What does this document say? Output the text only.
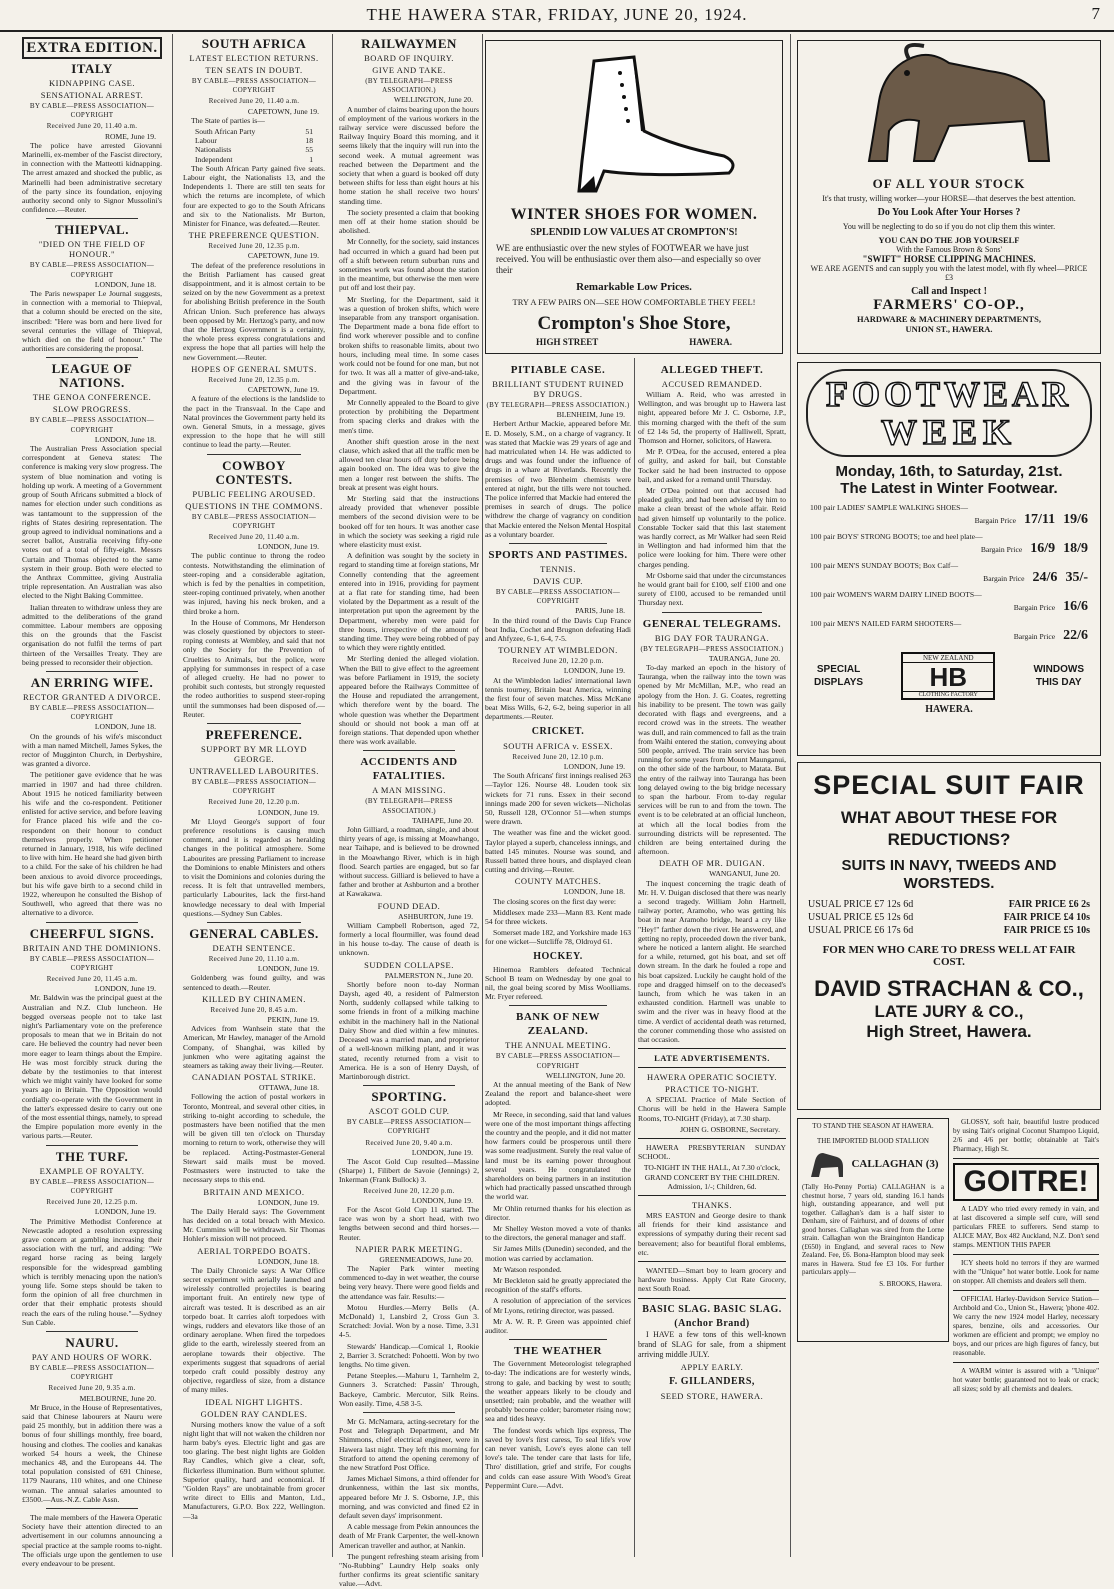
THE HAWERA STAR, FRIDAY, JUNE 20, 1924.	7
EXTRA EDITION.
ITALY
KIDNAPPING CASE.
SENSATIONAL ARREST.
BY CABLE—PRESS ASSOCIATION—COPYRIGHT
Received June 20, 11.40 a.m.
ROME, June 19.

The police have arrested Giovanni Marinelli, ex-member of the Fascist directory, in connection with the Matteotti kidnapping. The arrest amazed and shocked the public, as Marinelli had been administrative secretary of the party since its foundation, enjoying authority second only to Signor Mussolini's confidence.—Reuter.

THIEPVAL.
"DIED ON THE FIELD OF HONOUR."
BY CABLE—PRESS ASSOCIATION—COPYRIGHT
LONDON, June 18.

The Paris newspaper Le Journal suggests, in connection with a memorial to Thiepval, that a column should be erected on the site, inscribed: "Here was born and here lived for several centuries the village of Thiepval, which died on the field of honour." The authorities are considering the proposal.

LEAGUE OF NATIONS.
THE GENOA CONFERENCE.
SLOW PROGRESS.
BY CABLE—PRESS ASSOCIATION—COPYRIGHT
LONDON, June 18.

The Australian Press Association special correspondent at Geneva states: The conference is making very slow progress. The system of blue nomination and voting is holding up work. A meeting of a Government group of South Africans submitted a block of names for election under such conditions as was tantamount to the suppression of the rights of States desiring representation. The group agreed to individual nominations and a secret ballot, Australia receiving fifty-one votes out of a total of fifty-eight. Messrs Curtain and Thomas objected to the same system in their group. Both were elected to the Anthrax Committee, giving Australia triple representation. An Australian was also elected to the Night Baking Committee.

Italian threaten to withdraw unless they are admitted to the deliberations of the grand committee. Labour members are opposing this on the grounds that the Fascist organisation do not fulfil the terms of part thirteen of the Versailles Treaty. They are being pressed to reconsider their objection.

AN ERRING WIFE.
RECTOR GRANTED A DIVORCE.
BY CABLE—PRESS ASSOCIATION—COPYRIGHT
LONDON, June 18.

On the grounds of his wife's misconduct with a man named Mitchell, James Sykes, the rector of Mugginton Church, in Derbyshire, was granted a divorce.

The petitioner gave evidence that he was married in 1907 and had three children. About 1915 he noticed familiarity between his wife and the co-respondent. Petitioner enlisted for active service, and before leaving for France placed his wife and the co-respondent on their honour to conduct themselves properly. When petitioner returned in January, 1918, his wife declined to live with him. He heard she had given birth to a child. For the sake of his children he had been anxious to avoid divorce proceedings, but his wife gave birth to a second child in 1922, whereupon he consulted the Bishop of Southwell, who agreed that there was no alternative to a divorce.

CHEERFUL SIGNS.
BRITAIN AND THE DOMINIONS.
BY CABLE—PRESS ASSOCIATION—COPYRIGHT
Received June 20, 11.45 a.m.
LONDON, June 19.

Mr. Baldwin was the principal guest at the Australian and N.Z. Club luncheon. He begged overseas people not to take last night's Parliamentary vote on the preference proposals to mean that we in Britain do not care. He believed the country had never been more eager to learn things about the Empire. He was most forcibly struck during the debate by the testimonies to that interest which we might vainly have looked for some years ago in Britain. The Opposition would cordially co-operate with the Government in the latter's expressed desire to carry out one of the most essential things, namely, to spread the Empire population more evenly in the various parts.—Reuter.

THE TURF.
EXAMPLE OF ROYALTY.
BY CABLE—PRESS ASSOCIATION—COPYRIGHT
Received June 20, 12.25 p.m.
LONDON, June 19.

The Primitive Methodist Conference at Newcastle adopted a resolution expressing grave concern at gambling increasing their association with the turf, and adding: "We regard horse racing as being largely responsible for the widespread gambling which is terribly menacing upon the nation's young life. Some steps should be taken to form the opinion of all free churchmen in order that their emphatic protests should reach the ears of the ruling house."—Sydney Sun Cable.

NAURU.
PAY AND HOURS OF WORK.
BY CABLE—PRESS ASSOCIATION—COPYRIGHT
Received June 20, 9.35 a.m.
MELBOURNE, June 20.

Mr Bruce, in the House of Representatives, said that Chinese labourers at Nauru were paid 25 monthly, but in addition there was a bonus of four shillings monthly, free board, housing and clothes. The coolies and kanakas worked 54 hours a week, the Chinese mechanics 48, and the Europeans 44. The total population consisted of 691 Chinese, 1179 Naurans, 110 whites, and one Chinese woman. The annual salaries amounted to £3500.—Aus.-N.Z. Cable Assn.

The male members of the Hawera Operatic Society have their attention directed to an advertisement in our columns announcing a special practice at the sample rooms to-night. The officials urge upon the gentlemen to use every endeavour to be present.

SOUTH AFRICA
LATEST ELECTION RETURNS.
TEN SEATS IN DOUBT.
BY CABLE—PRESS ASSOCIATION—COPYRIGHT
Received June 20, 11.40 a.m.
CAPETOWN, June 19.

The State of parties is—

South African Party	51
Labour	18
Nationalists	55
Independent	1

The South African Party gained five seats. Labour eight, the Nationalists 13, and the Independents 1. There are still ten seats for which the returns are incomplete, of which four are expected to go to the South Africans and six to the Nationalists. Mr Burton, Minister for Finance, was defeated.—Reuter.

THE PREFERENCE QUESTION.
Received June 20, 12.35 p.m.
CAPETOWN, June 19.

The defeat of the preference resolutions in the British Parliament has caused great disappointment, and it is almost certain to be seized on by the new Government as a pretext for abolishing British preference in the South African Union. Such preference has always been opposed by Mr. Hertzog's party, and now that the Hertzog Government is a certainty, the whole press express congratulations and express the hope that all parties will help the new Government.—Reuter.

HOPES OF GENERAL SMUTS.
Received June 20, 12.35 p.m.
CAPETOWN, June 19.

A feature of the elections is the landslide to the pact in the Transvaal. In the Cape and Natal provinces the Government party held its own. General Smuts, in a message, gives expression to the hope that he will still continue to lead the party.—Reuter.

COWBOY CONTESTS.
PUBLIC FEELING AROUSED.
QUESTIONS IN THE COMMONS.
BY CABLE—PRESS ASSOCIATION—COPYRIGHT
Received June 20, 11.40 a.m.
LONDON, June 19.

The public continue to throng the rodeo contests. Notwithstanding the elimination of steer-roping and a considerable agitation, which is fed by the penalties in competition, steer-roping continued privately, when another was injured, having his neck broken, and a third broke a horn.

In the House of Commons, Mr Henderson was closely questioned by objectors to steer-roping contests at Wembley, and said that not only the Society for the Prevention of Cruelties to Animals, but the police, were applying for summonses in respect of a case of alleged cruelty. He had no power to prohibit such contests, but strongly requested the rodeo authorities to suspend steer-roping until the summonses had been disposed of.—Reuter.

PREFERENCE.
SUPPORT BY MR LLOYD GEORGE.
UNTRAVELLED LABOURITES.
BY CABLE—PRESS ASSOCIATION—COPYRIGHT
Received June 20, 12.20 p.m.
LONDON, June 19.

Mr Lloyd George's support of four preference resolutions is causing much comment, and it is regarded as heralding changes in the political atmosphere. Some Labourites are pressing Parliament to increase the Dominions to enable Ministers and others to visit the Dominions and colonies during the recess. It is felt that untravelled members, particularly Labourites, lack the first-hand knowledge necessary to deal with Imperial questions.—Sydney Sun Cables.

GENERAL CABLES.
DEATH SENTENCE.
Received June 20, 11.10 a.m.
LONDON, June 19.

Goldenberg was found guilty, and was sentenced to death.—Reuter.

KILLED BY CHINAMEN.
Received June 20, 8.45 a.m.
PEKIN, June 19.

Advices from Wanhsein state that the American, Mr Hawley, manager of the Arnold Company, of Shanghai, was killed by junkmen who were agitating against the steamers as taking away their living.—Reuter.

CANADIAN POSTAL STRIKE.
OTTAWA, June 18.

Following the action of postal workers in Toronto, Montreal, and several other cities, in striking to-night according to schedule, the postmasters have been notified that the men will be given till ten o'clock on Thursday morning to return to work, otherwise they will be replaced. Acting-Postmaster-General Stewart said mails must be moved. Postmasters were instructed to take the necessary steps to this end.

BRITAIN AND MEXICO.
LONDON, June 19.

The Daily Herald says: The Government has decided on a total breach with Mexico. Mr. Cummins will be withdrawn. Sir Thomas Hohler's mission will not proceed.

AERIAL TORPEDO BOATS.
LONDON, June 18.

The Daily Chronicle says: A War Office secret experiment with aerially launched and wirelessly controlled projectiles is bearing important fruit. An entirely new type of aircraft was tested. It is described as an air torpedo boat. It carries aloft torpedoes with wings, rudders and elevators like those of an ordinary aeroplane. When fired the torpedoes glide to the earth, wirelessly steered from an aeroplane towards their objective. The experiments suggest that squadrons of aerial torpedo craft could possibly destroy any objective, regardless of size, from a distance of many miles.

IDEAL NIGHT LIGHTS.
GOLDEN RAY CANDLES.

Nursing mothers know the value of a soft night light that will not waken the children nor harm baby's eyes. Electric light and gas are too glaring. The best night lights are Golden Ray Candles, which give a clear, soft, flickerless illumination. Burn without splutter. Superior quality, hard and economical. If "Golden Rays" are unobtainable from grocer write direct to Ellis and Manton, Ltd., Manufacturers, G.P.O. Box 222, Wellington. —3a

RAILWAYMEN
BOARD OF INQUIRY.
GIVE AND TAKE.
(BY TELEGRAPH—PRESS ASSOCIATION.)
WELLINGTON, June 20.

A number of claims bearing upon the hours of employment of the various workers in the railway service were discussed before the Railway Inquiry Board this morning, and it seems likely that the inquiry will run into the second week. A mutual agreement was reached between the Department and the society that when a guard is booked off duty between shifts for less than eight hours at his home station he shall receive two hours' standing time.

The society presented a claim that booking men off at their home station should be abolished.

Mr Connelly, for the society, said instances had occurred in which a guard had been put off a shift between return suburban runs and sometimes work was found about the station in the meantime, but otherwise the men were put off and lost their pay.

Mr Sterling, for the Department, said it was a question of broken shifts, which were inseparable from any transport organisation. The Department made a bona fide effort to find work wherever possible and to confine broken shifts to reasonable limits, about two hours, including meal time. In some cases work could not be found for one man, but not for two. It was all a matter of give-and-take, and the giving was in favour of the Department.

Mr Connelly appealed to the Board to give protection by prohibiting the Department from spacing clerks and drakes with the men's time.

Another shift question arose in the next clause, which asked that all the traffic men be allowed ten clear hours off duty before being again booked on. The idea was to give the men a longer rest between the shifts. The break at present was eight hours.

Mr Sterling said that the instructions already provided that whenever possible members of the second division were to be booked off for ten hours. It was another case in which the society was seeking a rigid rule where elasticity must exist.

A definition was sought by the society in regard to standing time at foreign stations, Mr Connelly contending that the agreement entered into in 1916, providing for payment at a flat rate for standing time, had been violated by the Department as a result of the interpretation put upon the agreement by the Department, whereby men were paid for three hours, irrespective of the amount of standing time. They were being robbed of pay to which they were rightly entitled.

Mr Sterling denied the alleged violation. When the Bill to give effect to the agreement was before Parliament in 1919, the society appeared before the Railways Committee of the House and repudiated the arrangement, which therefore went by the board. The whole question was whether the Department should or should not book a man off at foreign stations. That depended upon whether there was work available.

ACCIDENTS AND FATALITIES.
A MAN MISSING.
(BY TELEGRAPH—PRESS ASSOCIATION.)
TAIHAPE, June 20.

John Gilliard, a roadman, single, and about thirty years of age, is missing at Moawhango, near Taihape, and is believed to be drowned in the Moawhango River, which is in high flood. Search parties are engaged, but so far without success. Gilliard is believed to have a father and brother at Ashburton and a brother at Kawakawa.

FOUND DEAD.
ASHBURTON, June 19.

William Campbell Robertson, aged 72, formerly a local flourmiller, was found dead in his house to-day. The cause of death is unknown.

SUDDEN COLLAPSE.
PALMERSTON N., June 20.

Shortly before noon to-day Norman Daysh, aged 40, a resident of Palmerston North, suddenly collapsed while talking to some friends in front of a milking machine exhibit in the machinery hall in the National Dairy Show and died within a few minutes. Deceased was a married man, and proprietor of a well-known milking plant, and it was stated, recently returned from a visit to America. He is a son of Henry Daysh, of Martinborough district.

SPORTING.
ASCOT GOLD CUP.
BY CABLE—PRESS ASSOCIATION—COPYRIGHT
Received June 20, 9.40 a.m.
LONDON, June 19.

The Ascot Gold Cup resulted—Massine (Sharpe) 1, Filibert de Savoie (Jennings) 2, Inkerman (Frank Bullock) 3.

Received June 20, 12.20 p.m.
LONDON, June 19.

For the Ascot Gold Cup 11 started. The race was won by a short head, with two lengths between second and third horses.—Reuter.

NAPIER PARK MEETING.
GREENMEADOWS, June 20.

The Napier Park winter meeting commenced to-day in wet weather, the course being very heavy. There were good fields and the attendance was fair. Results:—

Motou Hurdles.—Merry Bells (A. McDonald) 1, Lansbird 2, Cross Gun 3. Scratched: Jovial. Won by a nose. Time, 3.31 4-5.

Stewards' Handicap.—Comical 1, Rookie 2, Barrier 3. Scratched: Pohoetti. Won by two lengths. No time given.

Petane Steeples.—Mahuru 1, Tarnhelm 2, Gunners 3. Scratched: Passin' Through, Backeye, Cambric. Mercutor, Silk Reins. Won easily. Time, 4.58 3-5.

Mr G. McNamara, acting-secretary for the Post and Telegraph Department, and Mr Shimmons, chief electrical engineer, were in Hawera last night. They left this morning for Stratford to attend the opening ceremony of the new Stratford Post Office.

James Michael Simons, a third offender for drunkenness, within the last six months, appeared before Mr J. S. Osborne, J.P., this morning, and was convicted and fined £2 in default seven days' imprisonment.

A cable message from Pekin announces the death of Mr Frank Carpenter, the well-known American traveller and author, at Nankin.

The pungent refreshing steam arising from "No-Rubbing" Laundry Help soaks only further confirms its great scientific sanitary value.—Advt.

WINTER SHOES FOR WOMEN.
SPLENDID LOW VALUES AT CROMPTON'S!
WE are enthusiastic over the new styles of FOOTWEAR we have just received. You will be enthusiastic over them also—and especially so over their
Remarkable Low Prices.
TRY A FEW PAIRS ON—SEE HOW COMFORTABLE THEY FEEL!
Crompton's Shoe Store,
HIGH STREET	HAWERA.
OF ALL YOUR STOCK
It's that trusty, willing worker—your HORSE—that deserves the best attention.
Do You Look After Your Horses ?
You will be neglecting to do so if you do not clip them this winter.
YOU CAN DO THE JOB YOURSELF
With the Famous Brown & Sons'
"SWIFT" HORSE CLIPPING MACHINES.
WE ARE AGENTS and can supply you with the latest model, with fly wheel—PRICE £3
Call and Inspect !
FARMERS' CO-OP.,
HARDWARE & MACHINERY DEPARTMENTS,
UNION ST., HAWERA.
FOOTWEAR
WEEK
Monday, 16th, to Saturday, 21st.
The Latest in Winter Footwear.
100 pair LADIES' SAMPLE WALKING SHOES—
Bargain Price 17/11 19/6
100 pair BOYS' STRONG BOOTS; toe and heel plate—
Bargain Price 16/9 18/9
100 pair MEN'S SUNDAY BOOTS; Box Calf—
Bargain Price 24/6 35/-
100 pair WOMEN'S WARM DAIRY LINED BOOTS—
Bargain Price 16/6
100 pair MEN'S NAILED FARM SHOOTERS—
Bargain Price 22/6
SPECIAL
DISPLAYS
NEW ZEALAND
HB
CLOTHING FACTORY
WINDOWS
THIS DAY
HAWERA.
SPECIAL SUIT FAIR
WHAT ABOUT THESE FOR REDUCTIONS?
SUITS IN NAVY, TWEEDS AND WORSTEDS.
USUAL PRICE £7 12s 6d	FAIR PRICE £6 2s
USUAL PRICE £5 12s 6d	FAIR PRICE £4 10s
USUAL PRICE £6 17s 6d	FAIR PRICE £5 10s
FOR MEN WHO CARE TO DRESS WELL AT FAIR COST.
DAVID STRACHAN & CO.,
LATE JURY & CO.,
High Street, Hawera.
PITIABLE CASE.
BRILLIANT STUDENT RUINED BY DRUGS.
(BY TELEGRAPH—PRESS ASSOCIATION.)
BLENHEIM, June 19.

Herbert Arthur Mackie, appeared before Mr. E. D. Mosely, S.M., on a charge of vagrancy. It was stated that Mackie was 29 years of age and had matriculated when 14. He was addicted to drugs and was found under the influence of drugs in a whare at Riverlands. Recently the premises of two Blenheim chemists were entered at night, but the tills were not touched. The police inferred that Mackie had entered the premises in search of drugs. The police withdrew the charge of vagrancy on condition that Mackie entered the Nelson Mental Hospital as a voluntary boarder.

SPORTS AND PASTIMES.
TENNIS.
DAVIS CUP.
BY CABLE—PRESS ASSOCIATION—COPYRIGHT
PARIS, June 18.

In the third round of the Davis Cup France beat India, Cochet and Brugnon defeating Hadi and Ahfyzee, 6-1, 6-4, 7-5.

TOURNEY AT WIMBLEDON.
Received June 20, 12.20 p.m.
LONDON, June 19.

At the Wimbledon ladies' international lawn tennis tourney, Britain beat America, winning the first four of seven matches. Miss McKane beat Miss Wills, 6-2, 6-2, being superior in all departments.—Reuter.

CRICKET.
SOUTH AFRICA v. ESSEX.
Received June 20, 12.10 p.m.
LONDON, June 19.

The South Africans' first innings realised 263—Taylor 126. Nourse 48. Louden took six wickets for 71 runs. Essex in their second innings made 200 for seven wickets—Nicholas 50, Russell 128, O'Connor 51—when stumps were drawn.

The weather was fine and the wicket good. Taylor played a superb, chanceless innings, and batted 145 minutes. Nourse was sound, and Russell batted three hours, and displayed clean cutting and driving.—Reuter.

COUNTY MATCHES.
LONDON, June 18.

The closing scores on the first day were:

Middlesex made 233—Mann 83. Kent made 54 for three wickets.

Somerset made 182, and Yorkshire made 163 for one wicket—Sutcliffe 78, Oldroyd 61.

HOCKEY.

Hinemoa Ramblers defeated Technical School B team on Wednesday by one goal to nil, the goal being scored by Miss Woolliams. Mr. Fryer refereed.

BANK OF NEW ZEALAND.
THE ANNUAL MEETING.
BY CABLE—PRESS ASSOCIATION—COPYRIGHT
WELLINGTON, June 20.

At the annual meeting of the Bank of New Zealand the report and balance-sheet were adopted.

Mr Reece, in seconding, said that land values were one of the most important things affecting the country and the people, and it did not matter how farmers could be prosperous until there was some readjustment. Surely the real value of land must be its earning power throughout several years. He congratulated the shareholders on being partners in an institution which had practically passed unscathed through the world war.

Mr Ohlin returned thanks for his election as director.

Mr Shelley Weston moved a vote of thanks to the directors, the general manager and staff.

Sir James Mills (Dunedin) seconded, and the motion was carried by acclamation.

Mr Watson responded.

Mr Beckleton said he greatly appreciated the recognition of the staff's efforts.

A resolution of appreciation of the services of Mr Lyons, retiring director, was passed.

Mr A. W. R. P. Green was appointed chief auditor.

THE WEATHER

The Government Meteorologist telegraphed to-day: The indications are for westerly winds, strong to gale, and backing by west to south; the weather appears likely to be cloudy and unsettled; rain probable, and the weather will probably become colder; barometer rising now; sea and tides heavy.

The fondest words which lips express, The saved by love's first caress, To seal life's vow can never vanish, Love's eyes alone can tell love's tale. The tender care that lasts for life, Thro' distillation, grief and strife, For coughs and colds can ease assure With Wood's Great Peppermint Cure.—Advt.

ALLEGED THEFT.
ACCUSED REMANDED.

William A. Reid, who was arrested in Wellington, and was brought up to Hawera last night, appeared before Mr J. C. Osborne, J.P., this morning charged with the theft of the sum of £2 14s 5d, the property of Halliwell, Spratt, Thomson and Horner, solicitors, of Hawera.

Mr P. O'Dea, for the accused, entered a plea of guilty, and asked for bail, but Constable Tocker said he had been instructed to oppose bail, and asked for a remand until Thursday.

Mr O'Dea pointed out that accused had pleaded guilty, and had been advised by him to make a clean breast of the whole affair. Reid had given himself up voluntarily to the police. Constable Tocker said that this last statement was hardly correct, as Mr Walker had seen Reid in Wellington and had informed him that the police were looking for him. There were other charges pending.

Mr Osborne said that under the circumstances he would grant bail for £100, self £100 and one surety of £100, accused to be remanded until Thursday next.

GENERAL TELEGRAMS.
BIG DAY FOR TAURANGA.
(BY TELEGRAPH—PRESS ASSOCIATION.)
TAURANGA, June 20.

To-day marked an epoch in the history of Tauranga, when the railway into the town was opened by Mr McMillan, M.P., who read an apology from the Hon. J. G. Coates, regretting his inability to be present. The town was gaily decorated with flags and evergreens, and a record crowd was in the streets. The weather was dull, and rain commenced to fall as the train from Waihi entered the station, conveying about 500 people, arrived. The train service has been running for some years from Mount Maunganui, on the other side of the harbour, to Matata. But the entry of the railway into Tauranga has been long delayed owing to the big bridge necessary to span the harbour. From to-day regular services will be run to and from the town. The event is to be celebrated at an official luncheon, at which all the local bodies from the surrounding districts will be represented. The children are being entertained during the afternoon.

DEATH OF MR. DUIGAN.
WANGANUI, June 20.

The inquest concerning the tragic death of Mr. H. V. Duigan disclosed that there was nearly a second tragedy. William John Hartnell, railway porter, Aramoho, who was getting his boat in near Aramoho bridge, heard a cry like "Hey!" farther down the river. He answered, and getting no reply, proceeded down the river bank, where he noticed a lantern alight. He searched for a while, returned, got his boat, and set off down stream. In the dark he fouled a rope and his boat capsized. Luckily he caught hold of the rope and dragged himself on to the deceased's launch, from which he was taken in an exhausted condition. Hartnell was unable to swim and the river was in heavy flood at the time. A verdict of accidental death was returned, the coroner commending those who assisted on that occasion.

LATE ADVERTISEMENTS.
HAWERA OPERATIC SOCIETY.
PRACTICE TO-NIGHT.

A SPECIAL Practice of Male Section of Chorus will be held in the Hawera Sample Rooms, TO-NIGHT (Friday), at 7.30 sharp.

JOHN G. OSBORNE, Secretary.

HAWERA PRESBYTERIAN SUNDAY SCHOOL.

TO-NIGHT IN THE HALL, At 7.30 o'clock, GRAND CONCERT BY THE CHILDREN. Admission, 1/-; Children, 6d.

THANKS.

MRS EASTON and George desire to thank all friends for their kind assistance and expressions of sympathy during their recent sad bereavement; also for beautiful floral emblems, etc.

WANTED—Smart boy to learn grocery and hardware business. Apply Cut Rate Grocery, next South Road.

BASIC SLAG. BASIC SLAG.
(Anchor Brand)

I HAVE a few tons of this well-known brand of SLAG for sale, from a shipment arriving middle JULY.

APPLY EARLY.
F. GILLANDERS,
SEED STORE, HAWERA.
TO STAND THE SEASON AT HAWERA.
THE IMPORTED BLOOD STALLION
CALLAGHAN (3)
(Tally Ho-Penny Portia) CALLAGHAN is a chestnut horse, 7 years old, standing 16.1 hands high, outstanding appearance, and well put together. Callaghan's dam is a half sister to Denham, sire of Fairhurst, and of dozens of other good horses. Callaghan was sired from the Lorne strain. Callaghan won the Brainginton Handicap (£650) in England, and several races to New Zealand. Fee, £6. Bona-Hampton blood may seek mares in Hawera. Stud fee £3 10s. For further particulars apply—
S. BROOKS, Hawera.

GLOSSY, soft hair, beautiful lustre produced by using Tait's original Coconut Shampoo Liquid, 2/6 and 4/6 per bottle; obtainable at Tait's Pharmacy, High St.

GOITRE!

A LADY who tried every remedy in vain, and at last discovered a simple self cure, will send particulars FREE to sufferers. Send stamp to ALICE MAY, Box 482 Auckland, N.Z. Don't send stamps. MENTION THIS PAPER

ICY sheets hold no terrors if they are warmed with the "Unique" hot water bottle. Look for name on stopper. All chemists and dealers sell them.

OFFICIAL Harley-Davidson Service Station—Archbold and Co., Union St., Hawera; 'phone 402. We carry the new 1924 model Harley, necessary spares, benzine, oils and accessories. Our workmen are efficient and prompt; we employ no boys, and our prices are high figures of fancy, but reasonable.

A WARM winter is assured with a "Unique" hot water bottle; guaranteed not to leak or crack; all sizes; sold by all chemists and dealers.
